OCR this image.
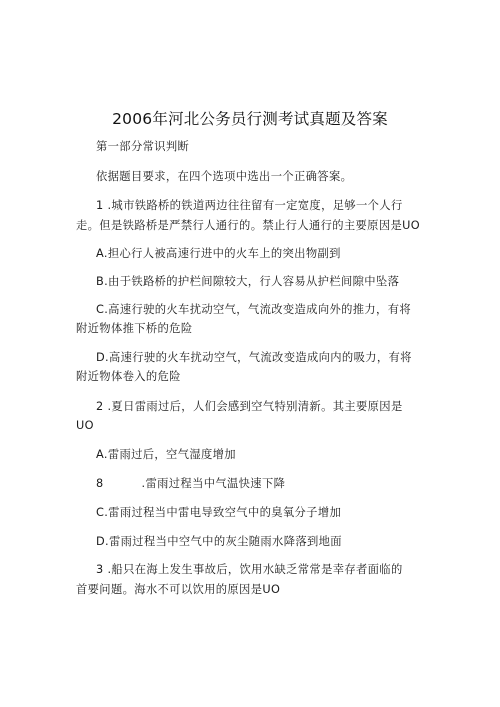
2006年河北公务员行测考试真题及答案
第一部分常识判断
依据题目要求，在四个选项中选出一个正确答案。
1 .城市铁路桥的铁道两边往往留有一定宽度，足够一个人行
走。但是铁路桥是严禁行人通行的。禁止行人通行的主要原因是UO
A.担心行人被高速行进中的火车上的突出物副到
B.由于铁路桥的护栏间隙较大，行人容易从护栏间隙中坠落
C.高速行驶的火车扰动空气，气流改变造成向外的推力，有将
附近物体推下桥的危险
D.高速行驶的火车扰动空气，气流改变造成向内的吸力，有将
附近物体卷入的危险
2 .夏日雷雨过后，人们会感到空气特别清新。其主要原因是
UO
A.雷雨过后，空气湿度增加
8	.雷雨过程当中气温快速下降
C.雷雨过程当中雷电导致空气中的臭氧分子增加
D.雷雨过程当中空气中的灰尘随雨水降落到地面
3 .船只在海上发生事故后，饮用水缺乏常常是幸存者面临的
首要问题。海水不可以饮用的原因是UO
